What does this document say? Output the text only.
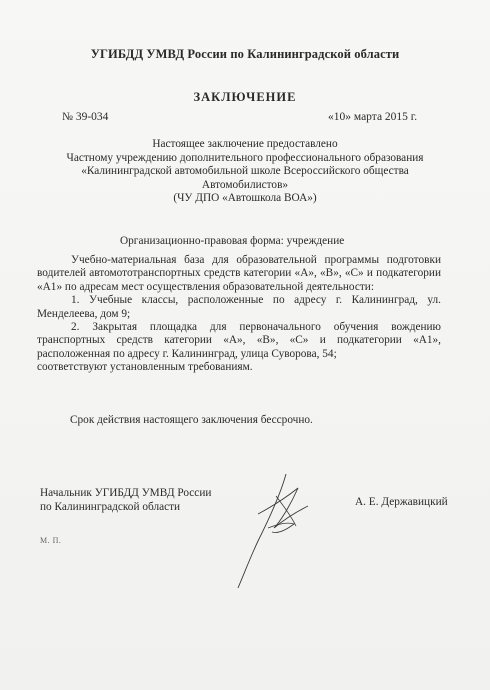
УГИБДД УМВД России по Калининградской области
ЗАКЛЮЧЕНИЕ
№ 39-034	«10» марта 2015 г.
Настоящее заключение предоставлено
Частному учреждению дополнительного профессионального образования
«Калининградской автомобильной школе Всероссийского общества
Автомобилистов»
(ЧУ ДПО «Автошкола ВОА»)
Организационно-правовая форма: учреждение

Учебно-материальная база для образовательной программы подготовки водителей автомототранспортных средств категории «А», «В», «С» и подкатегории «А1» по адресам мест осуществления образовательной деятельности:

1. Учебные классы, расположенные по адресу г. Калининград, ул. Менделеева, дом 9;

2. Закрытая площадка для первоначального обучения вождению транспортных средств категории «А», «В», «С» и подкатегории «А1», расположенная по адресу г. Калининград, улица Суворова, 54;

соответствуют установленным требованиям.

Срок действия настоящего заключения бессрочно.
Начальник УГИБДД УМВД России
по Калининградской области	А. Е. Державицкий
М. П.
